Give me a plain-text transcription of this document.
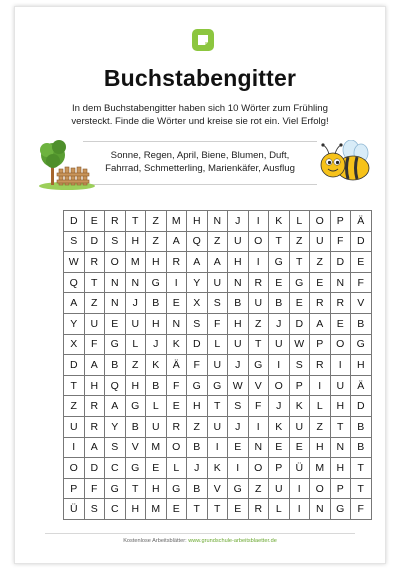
Buchstabengitter
In dem Buchstabengitter haben sich 10 Wörter zum Frühling
versteckt. Finde die Wörter und kreise sie rot ein. Viel Erfolg!
Sonne, Regen, April, Biene, Blumen, Duft,
Fahrrad, Schmetterling, Marienkäfer, Ausflug
D	E	R	T	Z	M	H	N	J	I	K	L	O	P	Ä
S	D	S	H	Z	A	Q	Z	U	O	T	Z	U	F	D
W	R	O	M	H	R	A	A	H	I	G	T	Z	D	E
Q	T	N	N	G	I	Y	U	N	R	E	G	E	N	F
A	Z	N	J	B	E	X	S	B	U	B	E	R	R	V
Y	U	E	U	H	N	S	F	H	Z	J	D	A	E	B
X	F	G	L	J	K	D	L	U	T	U	W	P	O	G
D	A	B	Z	K	Ä	F	U	J	G	I	S	R	I	H
T	H	Q	H	B	F	G	G	W	V	O	P	I	U	Ä
Z	R	A	G	L	E	H	T	S	F	J	K	L	H	D
U	R	Y	B	U	R	Z	U	J	I	K	U	Z	T	B
I	A	S	V	M	O	B	I	E	N	E	E	H	N	B
O	D	C	G	E	L	J	K	I	O	P	Ü	M	H	T
P	F	G	T	H	G	B	V	G	Z	U	I	O	P	T
Ü	S	C	H	M	E	T	T	E	R	L	I	N	G	F
Kostenlose Arbeitsblätter: www.grundschule-arbeitsblaetter.de
